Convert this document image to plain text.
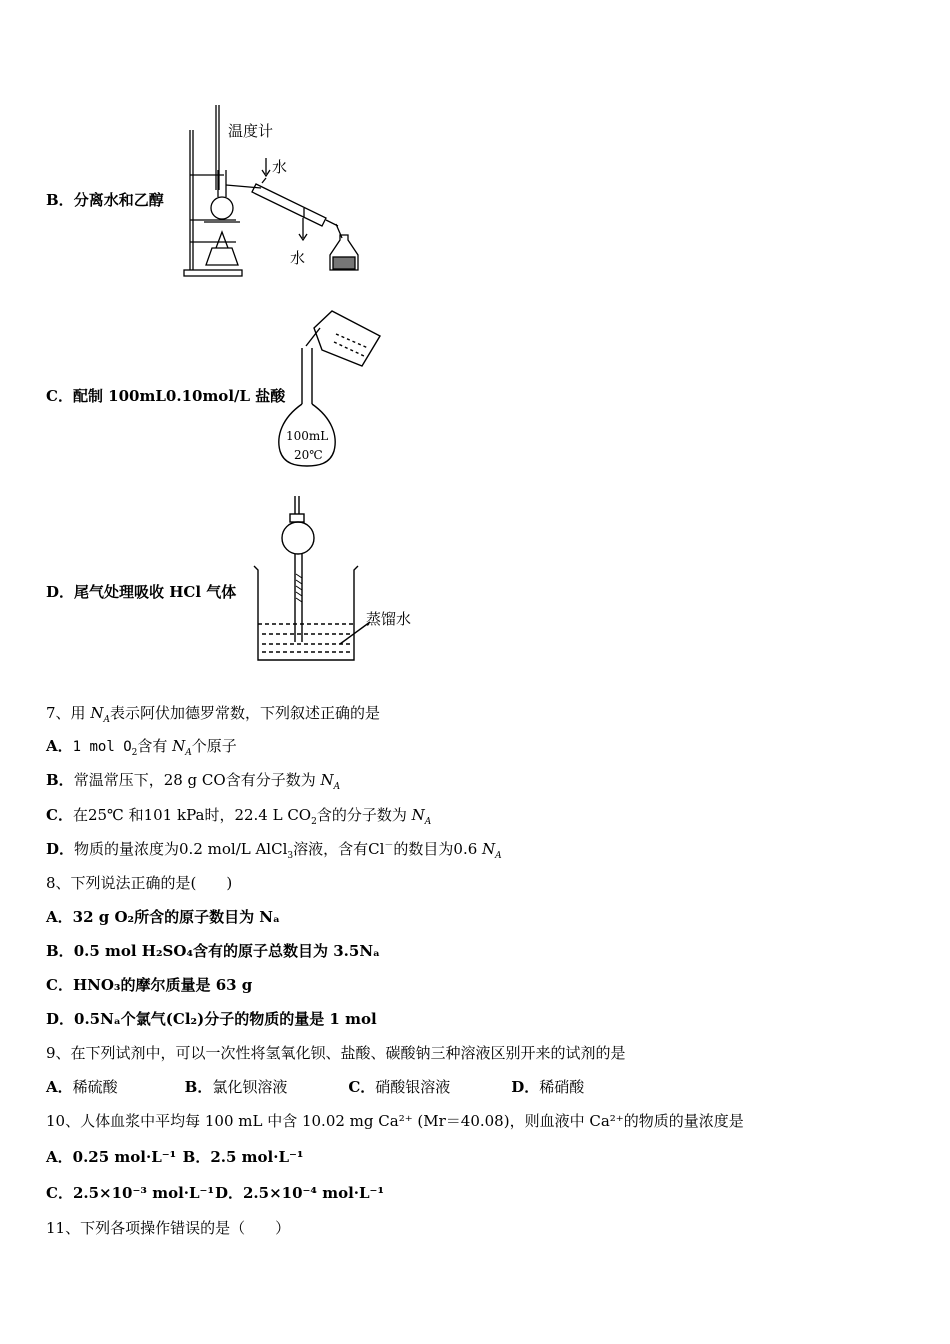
B．分离水和乙醇
温度计
水
水
C．配制 100mL0.10mol/L 盐酸
100mL
20℃
D．尾气处理吸收 HCl 气体
蒸馏水
7、用 $N_A$表示阿伏加德罗常数，下列叙述正确的是
A．1 mol $O_2$含有 $N_A$个原子
B．常温常压下，28 g CO含有分子数为 $N_A$
C．在25℃ 和101 kPa时，22.4 L $CO_2$含的分子数为 $N_A$
D．物质的量浓度为0.2 mol/L AlCl$_3$溶液，含有Cl－的数目为0.6 $N_A$
8、下列说法正确的是(　　)
A．32 g O₂所含的原子数目为 Nₐ
B．0.5 mol H₂SO₄含有的原子总数目为 3.5Nₐ
C．HNO₃的摩尔质量是 63 g
D．0.5Nₐ个氯气(Cl₂)分子的物质的量是 1 mol
9、在下列试剂中，可以一次性将氢氧化钡、盐酸、碳酸钠三种溶液区别开来的试剂的是
A．稀硫酸	B．氯化钡溶液	C．硝酸银溶液	D．稀硝酸
10、人体血浆中平均每 100 mL 中含 10.02 mg Ca²⁺ (Mr＝40.08)，则血液中 Ca²⁺的物质的量浓度是
A．0.25 mol·L⁻¹ B．2.5 mol·L⁻¹
C．2.5×10⁻³ mol·L⁻¹D．2.5×10⁻⁴ mol·L⁻¹
11、下列各项操作错误的是（　　）
